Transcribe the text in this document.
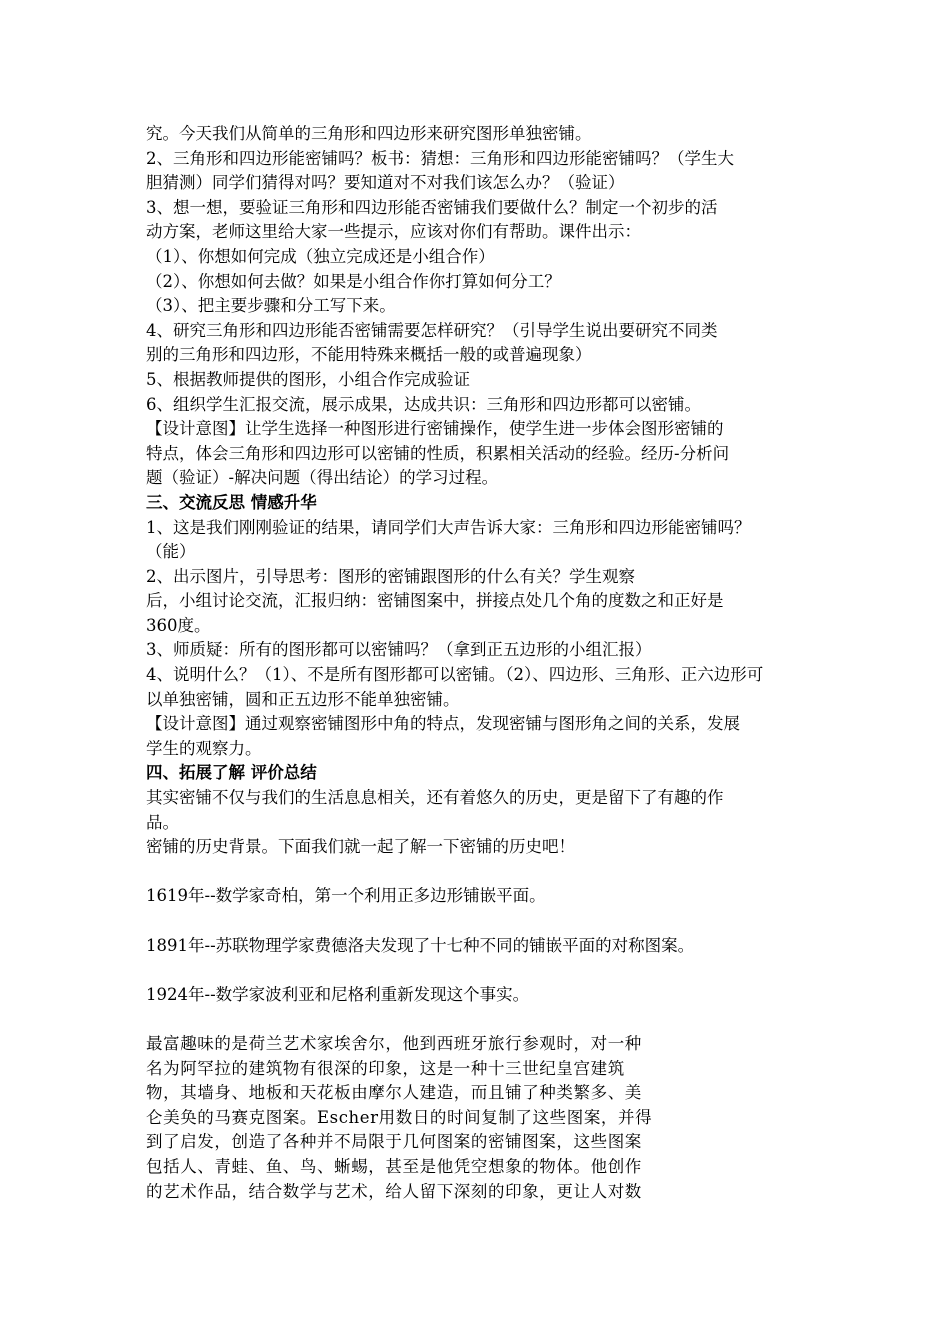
究。今天我们从简单的三角形和四边形来研究图形单独密铺。

2、三角形和四边形能密铺吗？板书：猜想：三角形和四边形能密铺吗？（学生大

胆猜测）同学们猜得对吗？要知道对不对我们该怎么办？（验证）

3、想一想，要验证三角形和四边形能否密铺我们要做什么？制定一个初步的活

动方案，老师这里给大家一些提示，应该对你们有帮助。课件出示：

（1）、你想如何完成（独立完成还是小组合作）

（2）、你想如何去做？如果是小组合作你打算如何分工？

（3）、把主要步骤和分工写下来。

4、研究三角形和四边形能否密铺需要怎样研究？（引导学生说出要研究不同类

别的三角形和四边形，不能用特殊来概括一般的或普遍现象）

5、根据教师提供的图形，小组合作完成验证

6、组织学生汇报交流，展示成果，达成共识：三角形和四边形都可以密铺。

【设计意图】让学生选择一种图形进行密铺操作，使学生进一步体会图形密铺的

特点，体会三角形和四边形可以密铺的性质，积累相关活动的经验。经历-分析问

题（验证）-解决问题（得出结论）的学习过程。

三、交流反思 情感升华

1、这是我们刚刚验证的结果，请同学们大声告诉大家：三角形和四边形能密铺吗？

（能）

2、出示图片，引导思考：图形的密铺跟图形的什么有关？学生观察

后，小组讨论交流，汇报归纳：密铺图案中，拼接点处几个角的度数之和正好是

360度。

3、师质疑：所有的图形都可以密铺吗？（拿到正五边形的小组汇报）

4、说明什么？（1）、不是所有图形都可以密铺。（2）、四边形、三角形、正六边形可

以单独密铺，圆和正五边形不能单独密铺。

【设计意图】通过观察密铺图形中角的特点，发现密铺与图形角之间的关系，发展

学生的观察力。

四、拓展了解 评价总结

其实密铺不仅与我们的生活息息相关，还有着悠久的历史，更是留下了有趣的作

品。

密铺的历史背景。下面我们就一起了解一下密铺的历史吧！

1619年--数学家奇柏，第一个利用正多边形铺嵌平面。

1891年--苏联物理学家费德洛夫发现了十七种不同的铺嵌平面的对称图案。

1924年--数学家波利亚和尼格利重新发现这个事实。

最富趣味的是荷兰艺术家埃舍尔，他到西班牙旅行参观时，对一种

名为阿罕拉的建筑物有很深的印象，这是一种十三世纪皇宫建筑

物，其墙身、地板和天花板由摩尔人建造，而且铺了种类繁多、美

仑美奂的马赛克图案。Escher用数日的时间复制了这些图案，并得

到了启发，创造了各种并不局限于几何图案的密铺图案，这些图案

包括人、青蛙、鱼、鸟、蜥蜴，甚至是他凭空想象的物体。他创作

的艺术作品，结合数学与艺术，给人留下深刻的印象，更让人对数
